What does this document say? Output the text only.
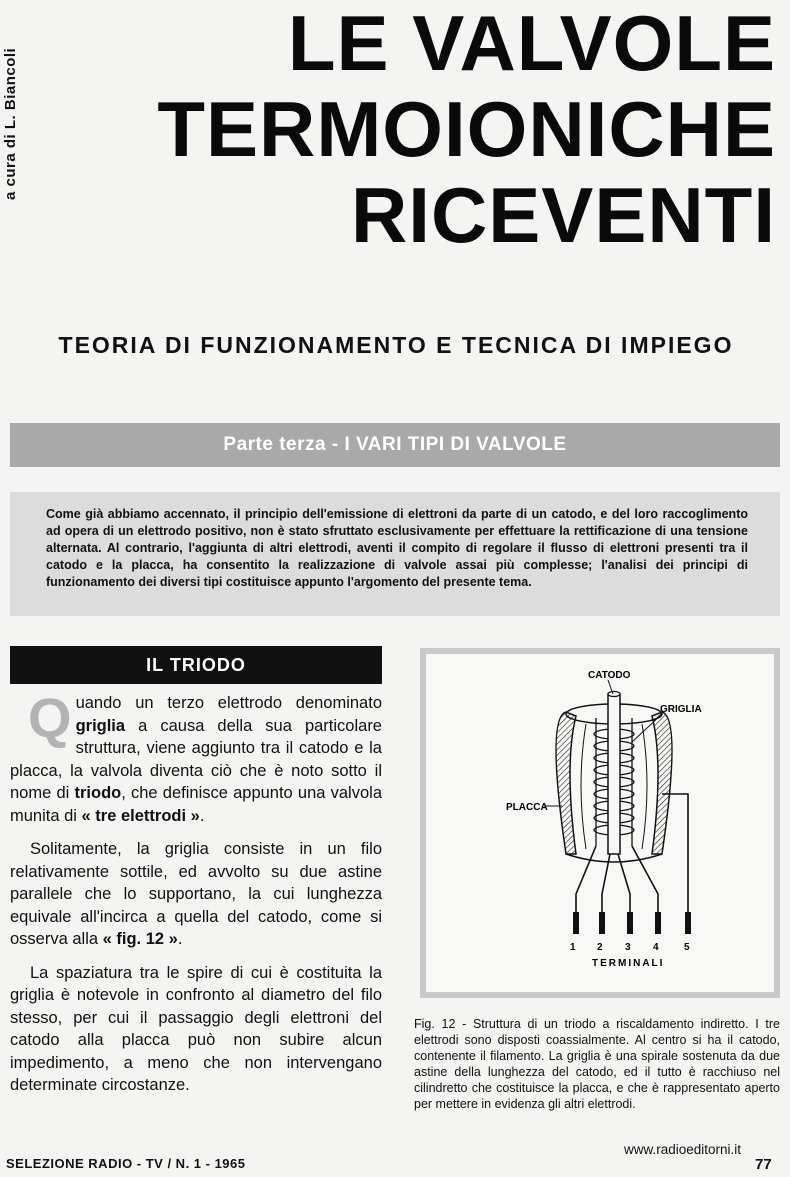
a cura di L. Biancoli
LE VALVOLE
TERMOIONICHE
RICEVENTI
TEORIA DI FUNZIONAMENTO E TECNICA DI IMPIEGO
Parte terza - I VARI TIPI DI VALVOLE
Come già abbiamo accennato, il principio dell'emissione di elettroni da parte di un catodo, e del loro raccoglimento ad opera di un elettrodo positivo, non è stato sfruttato esclusivamente per effettuare la rettificazione di una tensione alternata. Al contrario, l'aggiunta di altri elettrodi, aventi il compito di regolare il flusso di elettroni presenti tra il catodo e la placca, ha consentito la realizzazione di valvole assai più complesse; l'analisi dei principi di funzionamento dei diversi tipi costituisce appunto l'argomento del presente tema.
IL TRIODO

Quando un terzo elettrodo denominato griglia a causa della sua particolare struttura, viene aggiunto tra il catodo e la placca, la valvola diventa ciò che è noto sotto il nome di triodo, che definisce appunto una valvola munita di « tre elettrodi ».

Solitamente, la griglia consiste in un filo relativamente sottile, ed avvolto su due astine parallele che lo supportano, la cui lunghezza equivale all'incirca a quella del catodo, come si osserva alla « fig. 12 ».

La spaziatura tra le spire di cui è costituita la griglia è notevole in confronto al diametro del filo stesso, per cui il passaggio degli elettroni del catodo alla placca può non subire alcun impedimento, a meno che non intervengano determinate circostanze.

CATODO
GRIGLIA
PLACCA
1 2 3 4	5
TERMINALI
Fig. 12 - Struttura di un triodo a riscaldamento indiretto. I tre elettrodi sono disposti coassialmente. Al centro si ha il catodo, contenente il filamento. La griglia è una spirale sostenuta da due astine della lunghezza del catodo, ed il tutto è racchiuso nel cilindretto che costituisce la placca, e che è rappresentato aperto per mettere in evidenza gli altri elettrodi.
SELEZIONE RADIO - TV / N. 1 - 1965
www.radioeditorni.it
77
